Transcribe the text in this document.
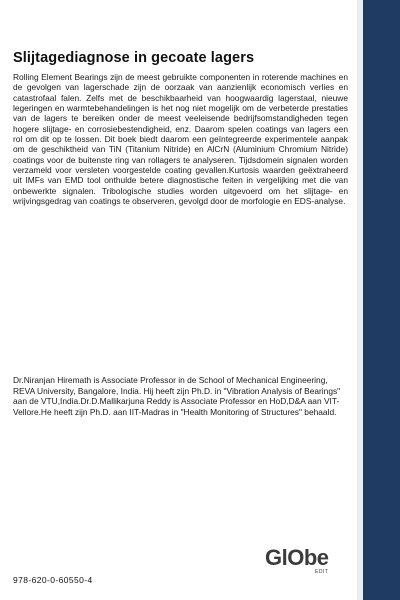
Slijtagediagnose in gecoate lagers

Rolling Element Bearings zijn de meest gebruikte componenten in roterende machines en de gevolgen van lagerschade zijn de oorzaak van aanzienlijk economisch verlies en catastrofaal falen. Zelfs met de beschikbaarheid van hoogwaardig lagerstaal, nieuwe legeringen en warmtebehandelingen is het nog niet mogelijk om de verbeterde prestaties van de lagers te bereiken onder de meest veeleisende bedrijfsomstandigheden tegen hogere slijtage- en corrosiebestendigheid, enz. Daarom spelen coatings van lagers een rol om dit op te lossen. Dit boek biedt daarom een geïntegreerde experimentele aanpak om de geschiktheid van TiN (Titanium Nitride) en AlCrN (Aluminium Chromium Nitride) coatings voor de buitenste ring van rollagers te analyseren. Tijdsdomein signalen worden verzameld voor versleten voorgestelde coating gevallen.Kurtosis waarden geëxtraheerd uit IMFs van EMD tool onthulde betere diagnostische feiten in vergelijking met die van onbewerkte signalen. Tribologische studies worden uitgevoerd om het slijtage- en wrijvingsgedrag van coatings te observeren, gevolgd door de morfologie en EDS-analyse.

Dr.Niranjan Hiremath is Associate Professor in de School of Mechanical Engineering, REVA University, Bangalore, India. Hij heeft zijn Ph.D. in "Vibration Analysis of Bearings" aan de VTU,India.Dr.D.Mallikarjuna Reddy is Associate Professor en HoD,D&A aan VIT-Vellore.He heeft zijn Ph.D. aan IIT-Madras in "Health Monitoring of Structures" behaald.

978-620-0-60550-4
GlObe
EDIT
